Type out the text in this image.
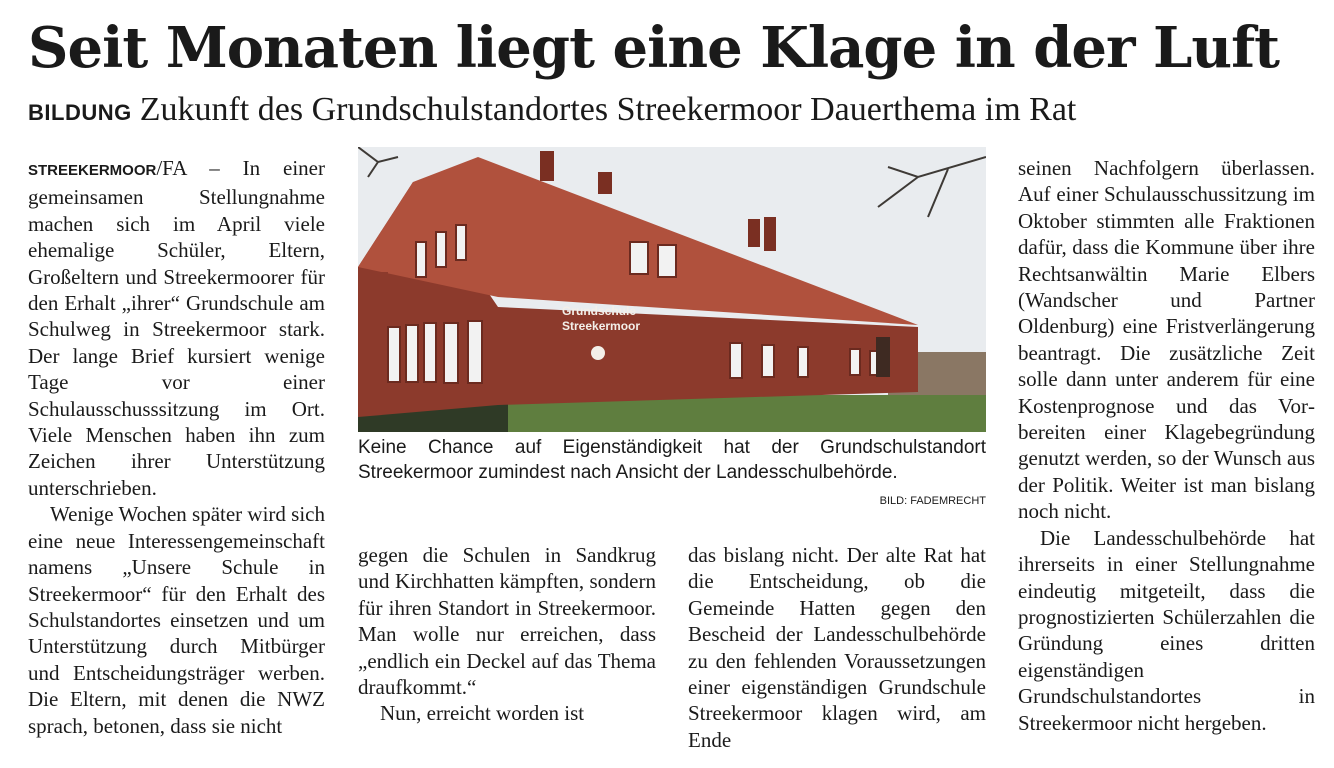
Seit Monaten liegt eine Klage in der Luft
BILDUNG Zukunft des Grundschulstandortes Streekermoor Dauerthema im Rat

STREEKERMOOR/FA – In einer gemeinsamen Stellungnahme machen sich im April viele ehemalige Schüler, Eltern, Großeltern und Streekermoorer für den Erhalt „ihrer“ Grundschule am Schulweg in Streekermoor stark. Der lange Brief kursiert wenige Tage vor einer Schulausschusssitzung im Ort. Viele Menschen haben ihn zum Zeichen ihrer Unterstützung unterschrieben.

Wenige Wochen später wird sich eine neue Interessengemeinschaft namens „Unsere Schule in Streekermoor“ für den Erhalt des Schulstandortes einsetzen und um Unterstützung durch Mitbürger und Entscheidungsträger werben. Die Eltern, mit denen die NWZ sprach, betonen, dass sie nicht

Grundschule
Streekermoor

Keine Chance auf Eigenständigkeit hat der Grundschulstandort Streekermoor zumindest nach Ansicht der Landesschulbehörde.

BILD: FADEMRECHT

gegen die Schulen in Sandkrug und Kirchhatten kämpften, sondern für ihren Standort in Streekermoor. Man wolle nur erreichen, dass „endlich ein Deckel auf das Thema draufkommt.“

Nun, erreicht worden ist

das bislang nicht. Der alte Rat hat die Entscheidung, ob die Gemeinde Hatten gegen den Bescheid der Landesschulbehörde zu den fehlenden Voraussetzungen einer eigenständigen Grundschule Streekermoor klagen wird, am Ende

seinen Nachfolgern überlassen. Auf einer Schulausschussitzung im Oktober stimmten alle Fraktionen dafür, dass die Kommune über ihre Rechtsanwältin Marie Elbers (Wandscher und Partner Oldenburg) eine Fristverlängerung beantragt. Die zusätzliche Zeit solle dann unter anderem für eine Kostenprognose und das Vorbereiten einer Klagebegründung genutzt werden, so der Wunsch aus der Politik. Weiter ist man bislang noch nicht.

Die Landesschulbehörde hat ihrerseits in einer Stellungnahme eindeutig mitgeteilt, dass die prognostizierten Schülerzahlen die Gründung eines dritten eigenständigen Grundschulstandortes in Streekermoor nicht hergeben.
